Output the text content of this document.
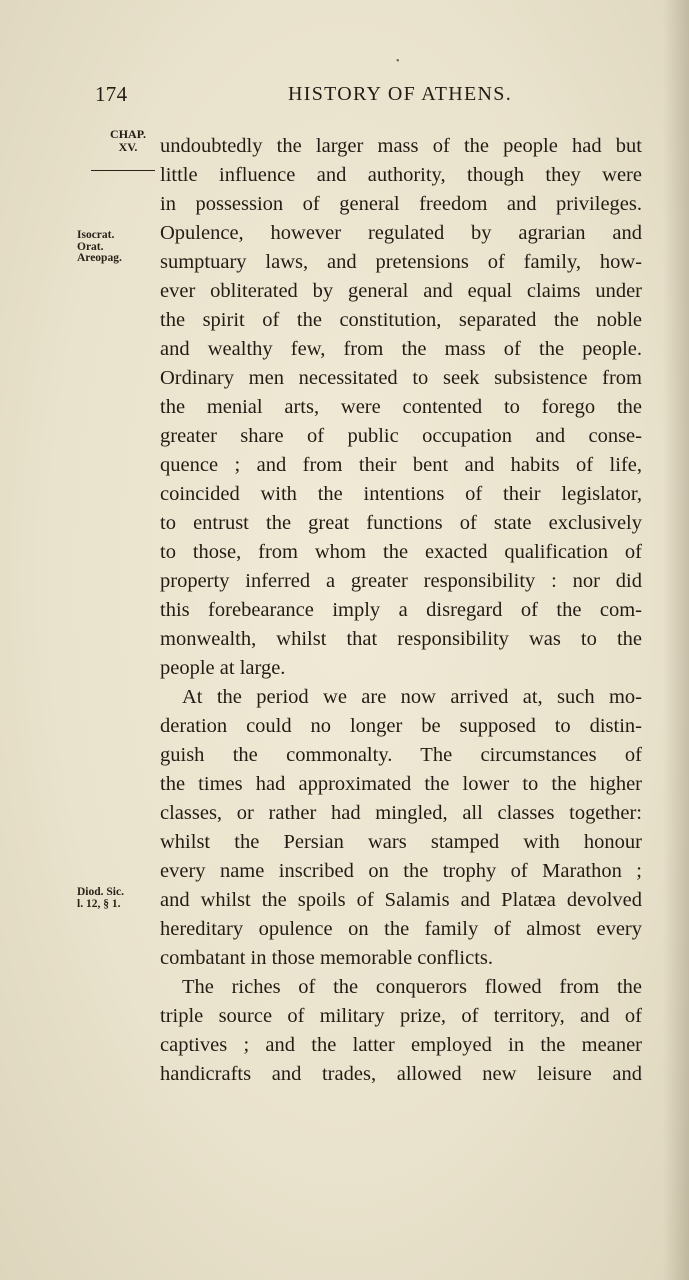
•
174	HISTORY OF ATHENS.
CHAP.
XV.
Isocrat.
Orat.
Areopag.
Diod. Sic.
l. 12, § 1.
undoubtedly the larger mass of the people had but
little influence and authority, though they were
in possession of general freedom and privileges.
Opulence, however regulated by agrarian and
sumptuary laws, and pretensions of family, how-
ever obliterated by general and equal claims under
the spirit of the constitution, separated the noble
and wealthy few, from the mass of the people.
Ordinary men necessitated to seek subsistence from
the menial arts, were contented to forego the
greater share of public occupation and conse-
quence ; and from their bent and habits of life,
coincided with the intentions of their legislator,
to entrust the great functions of state exclusively
to those, from whom the exacted qualification of
property inferred a greater responsibility : nor did
this forebearance imply a disregard of the com-
monwealth, whilst that responsibility was to the
people at large.
At the period we are now arrived at, such mo-
deration could no longer be supposed to distin-
guish the commonalty. The circumstances of
the times had approximated the lower to the higher
classes, or rather had mingled, all classes together:
whilst the Persian wars stamped with honour
every name inscribed on the trophy of Marathon ;
and whilst the spoils of Salamis and Platæa devolved
hereditary opulence on the family of almost every
combatant in those memorable conflicts.
The riches of the conquerors flowed from the
triple source of military prize, of territory, and of
captives ; and the latter employed in the meaner
handicrafts and trades, allowed new leisure and
